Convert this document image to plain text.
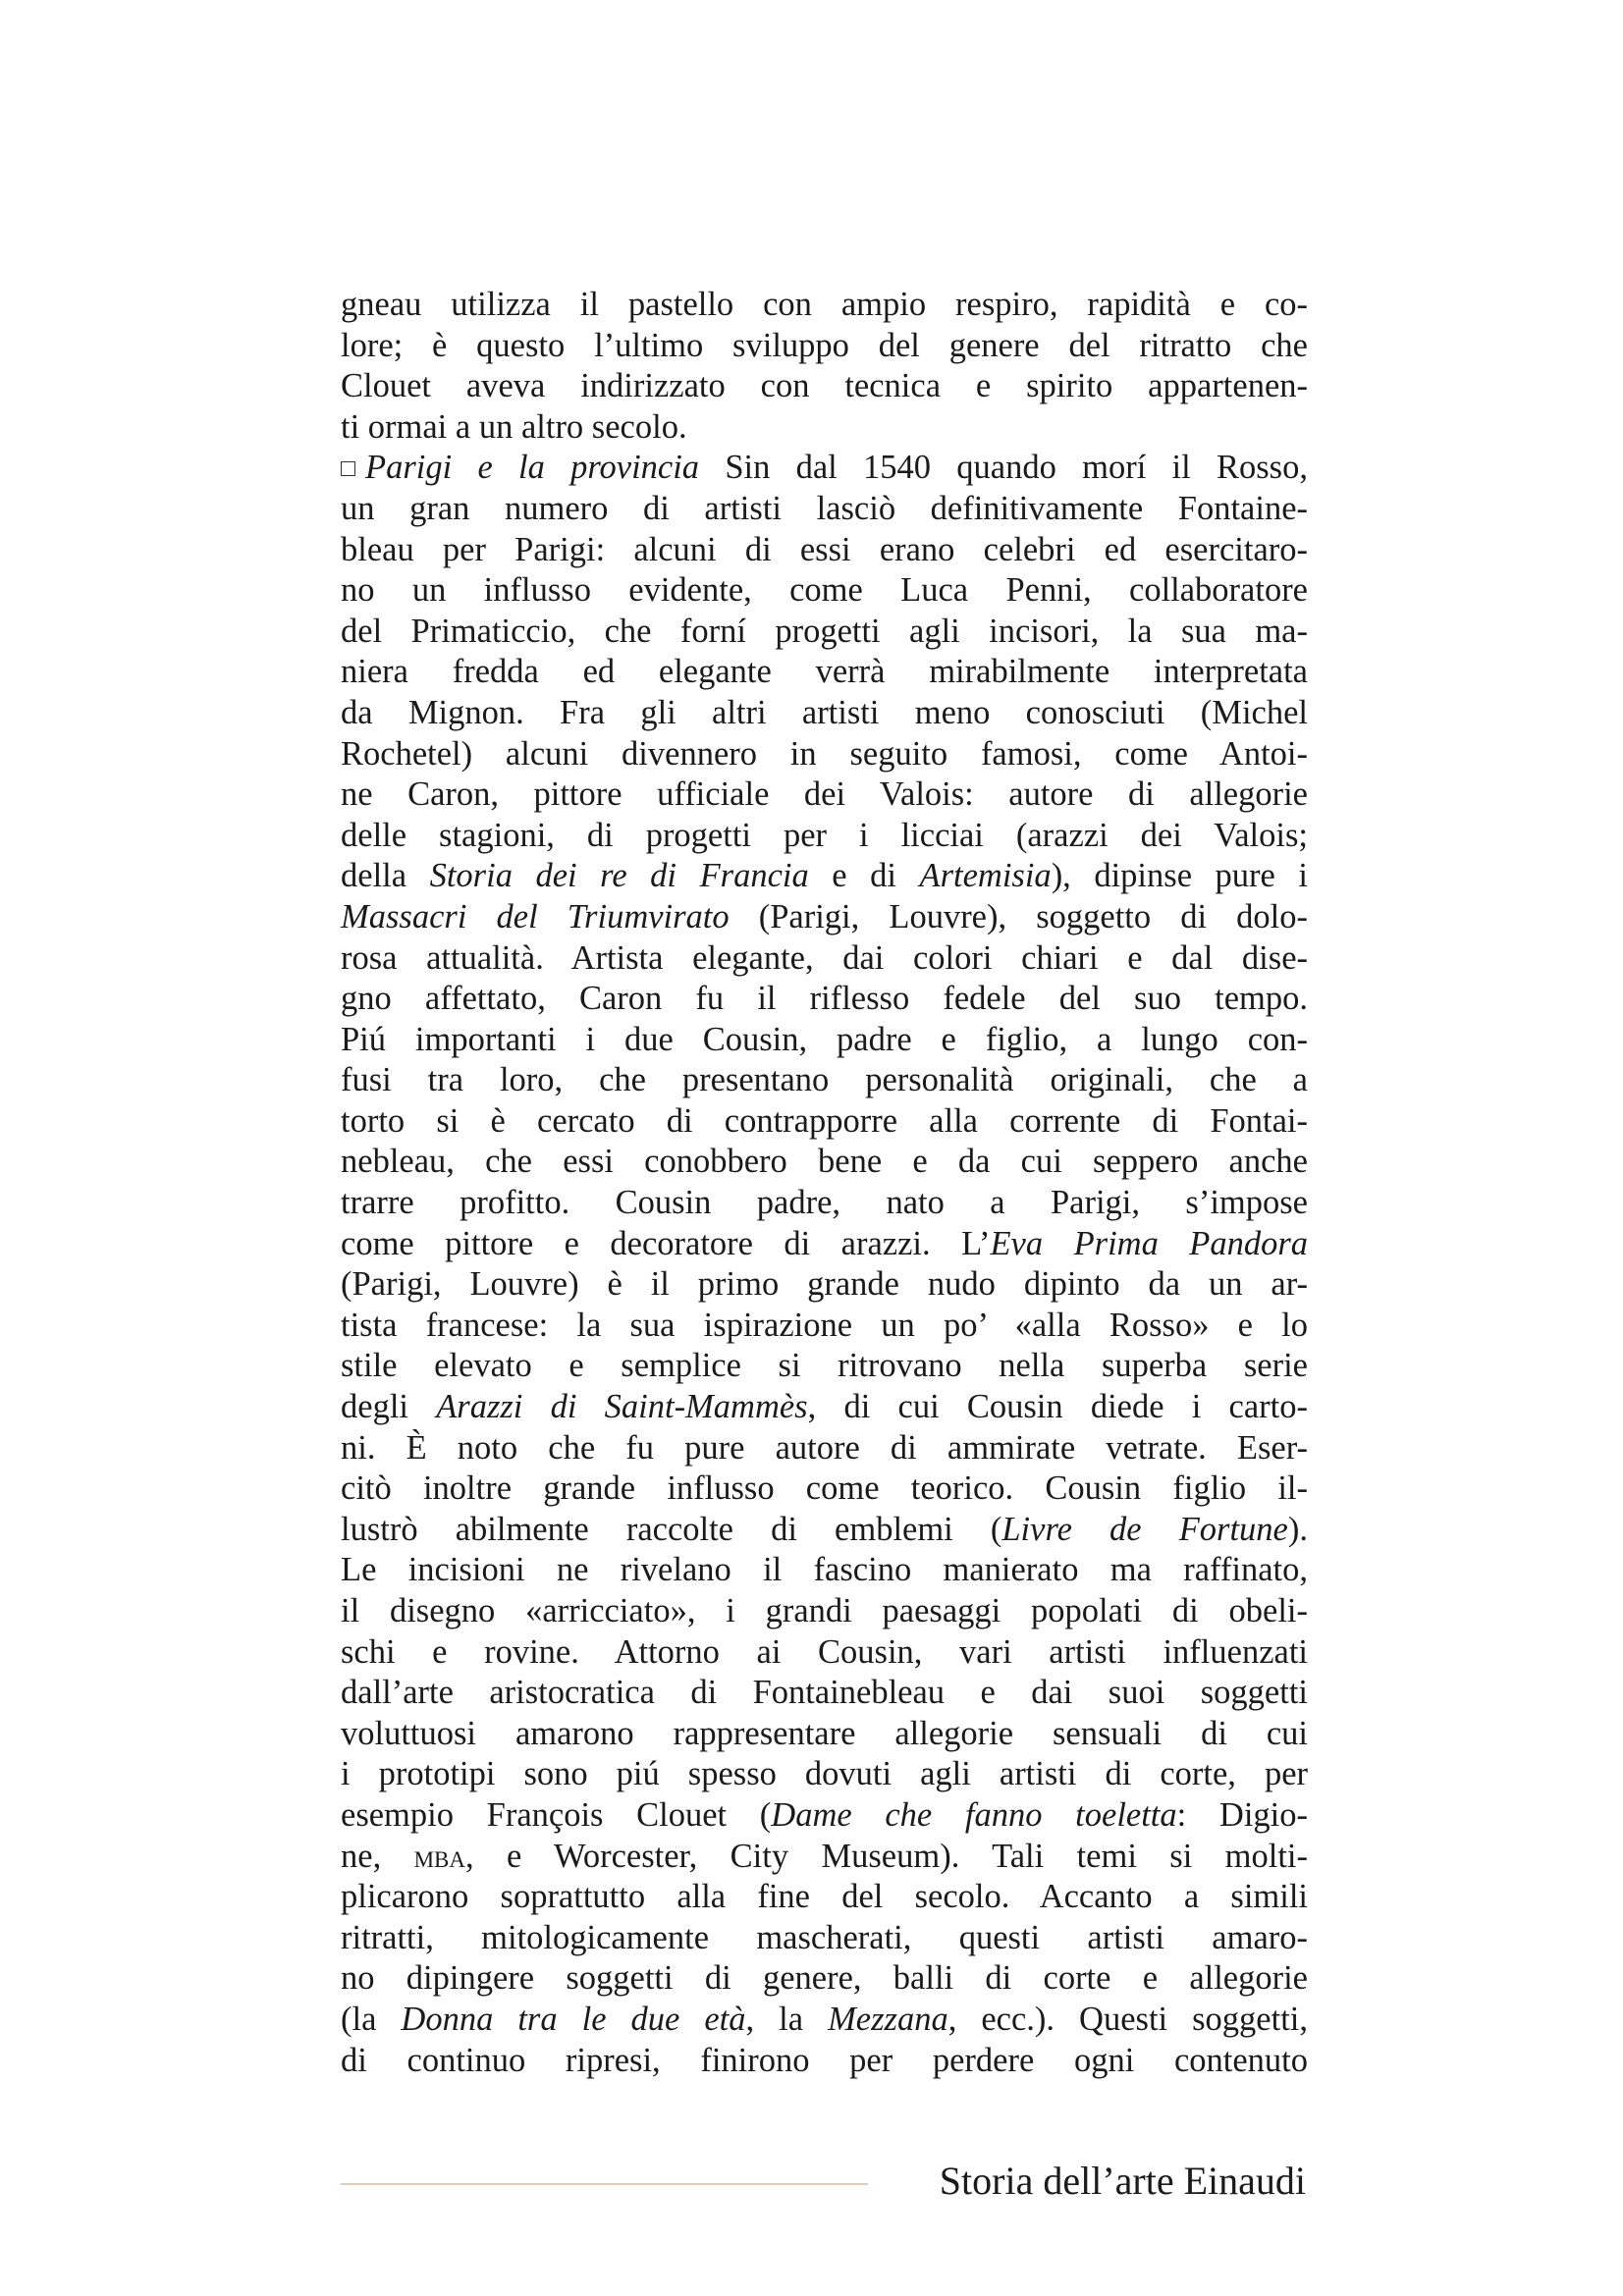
gneau utilizza il pastello con ampio respiro, rapidità e co-
lore; è questo l’ultimo sviluppo del genere del ritratto che
Clouet aveva indirizzato con tecnica e spirito appartenen-
ti ormai a un altro secolo.
Parigi e la provincia Sin dal 1540 quando morí il Rosso,
un gran numero di artisti lasciò definitivamente Fontaine-
bleau per Parigi: alcuni di essi erano celebri ed esercitaro-
no un influsso evidente, come Luca Penni, collaboratore
del Primaticcio, che forní progetti agli incisori, la sua ma-
niera fredda ed elegante verrà mirabilmente interpretata
da Mignon. Fra gli altri artisti meno conosciuti (Michel
Rochetel) alcuni divennero in seguito famosi, come Antoi-
ne Caron, pittore ufficiale dei Valois: autore di allegorie
delle stagioni, di progetti per i licciai (arazzi dei Valois;
della Storia dei re di Francia e di Artemisia), dipinse pure i
Massacri del Triumvirato (Parigi, Louvre), soggetto di dolo-
rosa attualità. Artista elegante, dai colori chiari e dal dise-
gno affettato, Caron fu il riflesso fedele del suo tempo.
Piú importanti i due Cousin, padre e figlio, a lungo con-
fusi tra loro, che presentano personalità originali, che a
torto si è cercato di contrapporre alla corrente di Fontai-
nebleau, che essi conobbero bene e da cui seppero anche
trarre profitto. Cousin padre, nato a Parigi, s’impose
come pittore e decoratore di arazzi. L’Eva Prima Pandora
(Parigi, Louvre) è il primo grande nudo dipinto da un ar-
tista francese: la sua ispirazione un po’ «alla Rosso» e lo
stile elevato e semplice si ritrovano nella superba serie
degli Arazzi di Saint-Mammès, di cui Cousin diede i carto-
ni. È noto che fu pure autore di ammirate vetrate. Eser-
citò inoltre grande influsso come teorico. Cousin figlio il-
lustrò abilmente raccolte di emblemi (Livre de Fortune).
Le incisioni ne rivelano il fascino manierato ma raffinato,
il disegno «arricciato», i grandi paesaggi popolati di obeli-
schi e rovine. Attorno ai Cousin, vari artisti influenzati
dall’arte aristocratica di Fontainebleau e dai suoi soggetti
voluttuosi amarono rappresentare allegorie sensuali di cui
i prototipi sono piú spesso dovuti agli artisti di corte, per
esempio François Clouet (Dame che fanno toeletta: Digio-
ne, mba, e Worcester, City Museum). Tali temi si molti-
plicarono soprattutto alla fine del secolo. Accanto a simili
ritratti, mitologicamente mascherati, questi artisti amaro-
no dipingere soggetti di genere, balli di corte e allegorie
(la Donna tra le due età, la Mezzana, ecc.). Questi soggetti,
di continuo ripresi, finirono per perdere ogni contenuto
Storia dell’arte Einaudi
